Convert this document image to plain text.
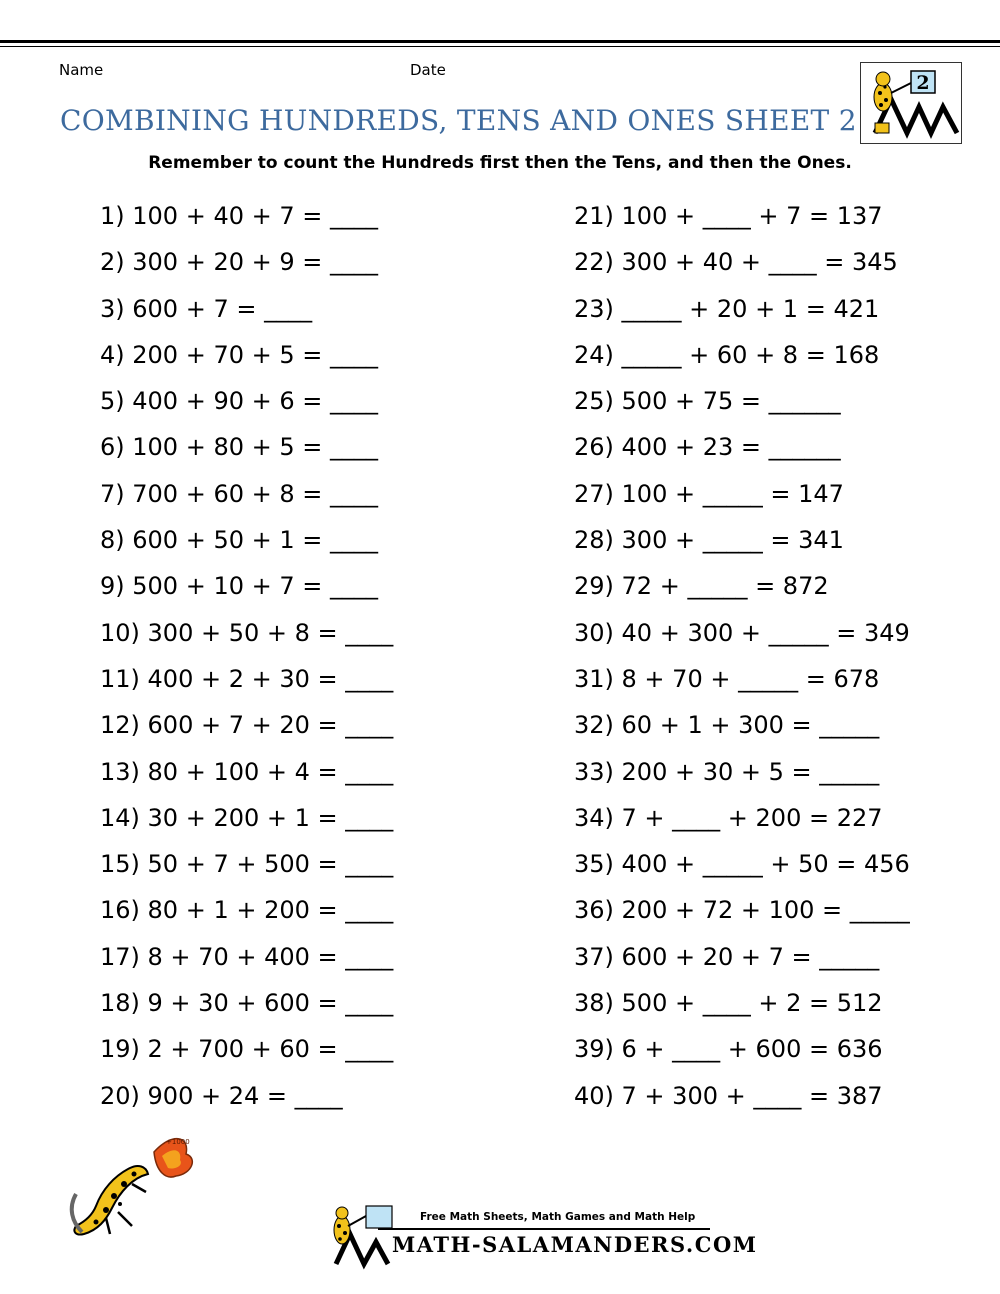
Name	Date
COMBINING HUNDREDS, TENS AND ONES SHEET 2
Remember to count the Hundreds first then the Tens, and then the Ones.
2
1) 100 + 40 + 7 = ____
2) 300 + 20 + 9 = ____
3) 600 + 7 = ____
4) 200 + 70 + 5 = ____
5) 400 + 90 + 6 = ____
6) 100 + 80 + 5 = ____
7) 700 + 60 + 8 = ____
8) 600 + 50 + 1 = ____
9) 500 + 10 + 7 = ____
10) 300 + 50 + 8 = ____
11) 400 + 2 + 30 = ____
12) 600 + 7 + 20 = ____
13) 80 + 100 + 4 = ____
14) 30 + 200 + 1 = ____
15) 50 + 7 + 500 = ____
16) 80 + 1 + 200 = ____
17) 8 + 70 + 400 = ____
18) 9 + 30 + 600 = ____
19) 2 + 700 + 60 = ____
20) 900 + 24 = ____
21) 100 + ____ + 7 = 137
22) 300 + 40 + ____ = 345
23) _____ + 20 + 1 = 421
24) _____ + 60 + 8 = 168
25) 500 + 75 = ______
26) 400 + 23 = ______
27) 100 + _____ = 147
28) 300 + _____ = 341
29) 72 + _____ = 872
30) 40 + 300 + _____ = 349
31) 8 + 70 + _____ = 678
32) 60 + 1 + 300 = _____
33) 200 + 30 + 5 = _____
34) 7 + ____ + 200 = 227
35) 400 + _____ + 50 = 456
36) 200 + 72 + 100 = _____
37) 600 + 20 + 7 = _____
38) 500 + ____ + 2 = 512
39) 6 + ____ + 600 = 636
40) 7 + 300 + ____ = 387
+1000
Free Math Sheets, Math Games and Math Help
MATH-SALAMANDERS.COM
